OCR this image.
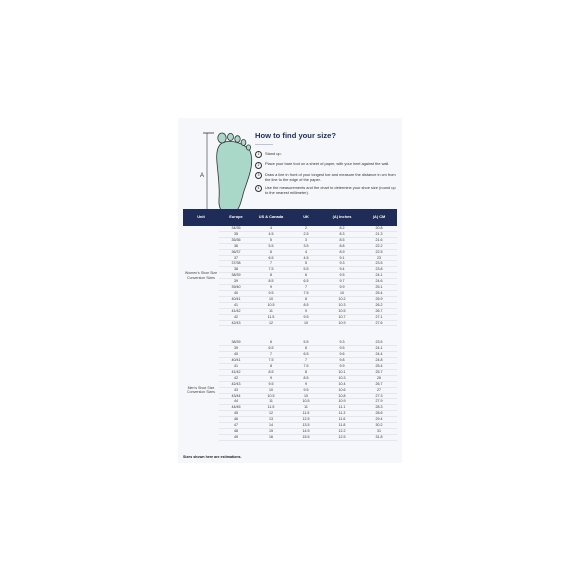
A
How to find your size?
1	Stand up.
2	Place your bare foot on a sheet of paper, with your heel against the wall.
3	Draw a line in front of your longest toe and measure the distance in cm from the line to the edge of the paper.
4	Use the measurements and the chart to determine your shoe size (round up to the nearest millimeter).
Unit	Europe	US & Canada	UK	(A) Inches	(A) CM
Women's Shoe Size Conversion Sizes	34/35	4	2	8.2	20.8
	35	4.5	2.5	8.3	21.3
	35/36	5	3	8.5	21.6
	36	5.5	3.5	8.8	22.2
	36/37	6	4	8.9	22.5
	37	6.5	4.5	9.1	23
	37/38	7	5	9.3	23.5
	38	7.5	5.5	9.4	23.8
	38/39	8	6	9.5	24.1
	39	8.5	6.5	9.7	24.6
	39/40	9	7	9.9	25.1
	40	9.5	7.5	10	25.4
	40/41	10	8	10.2	25.9
	41	10.5	8.5	10.3	26.2
	41/42	11	9	10.5	26.7
	42	11.5	9.5	10.7	27.1
	42/43	12	10	10.9	27.6

Men's Shoe Size Conversion Sizes	38/39	6	5.5	9.3	23.5
	39	6.5	6	9.5	24.1
	40	7	6.5	9.6	24.4
	40/41	7.5	7	9.8	24.8
	41	8	7.5	9.9	25.4
	41/42	8.5	8	10.1	25.7
	42	9	8.5	10.3	26
	42/43	9.5	9	10.4	26.7
	43	10	9.5	10.6	27
	43/44	10.5	10	10.8	27.3
	44	11	10.5	10.9	27.9
	44/45	11.5	11	11.1	28.3
	45	12	11.5	11.3	28.6
	46	13	12.5	11.6	29.4
	47	14	13.5	11.8	30.2
	48	15	14.5	12.2	31
	49	16	15.5	12.5	31.8
Sizes shown here are estimations.
